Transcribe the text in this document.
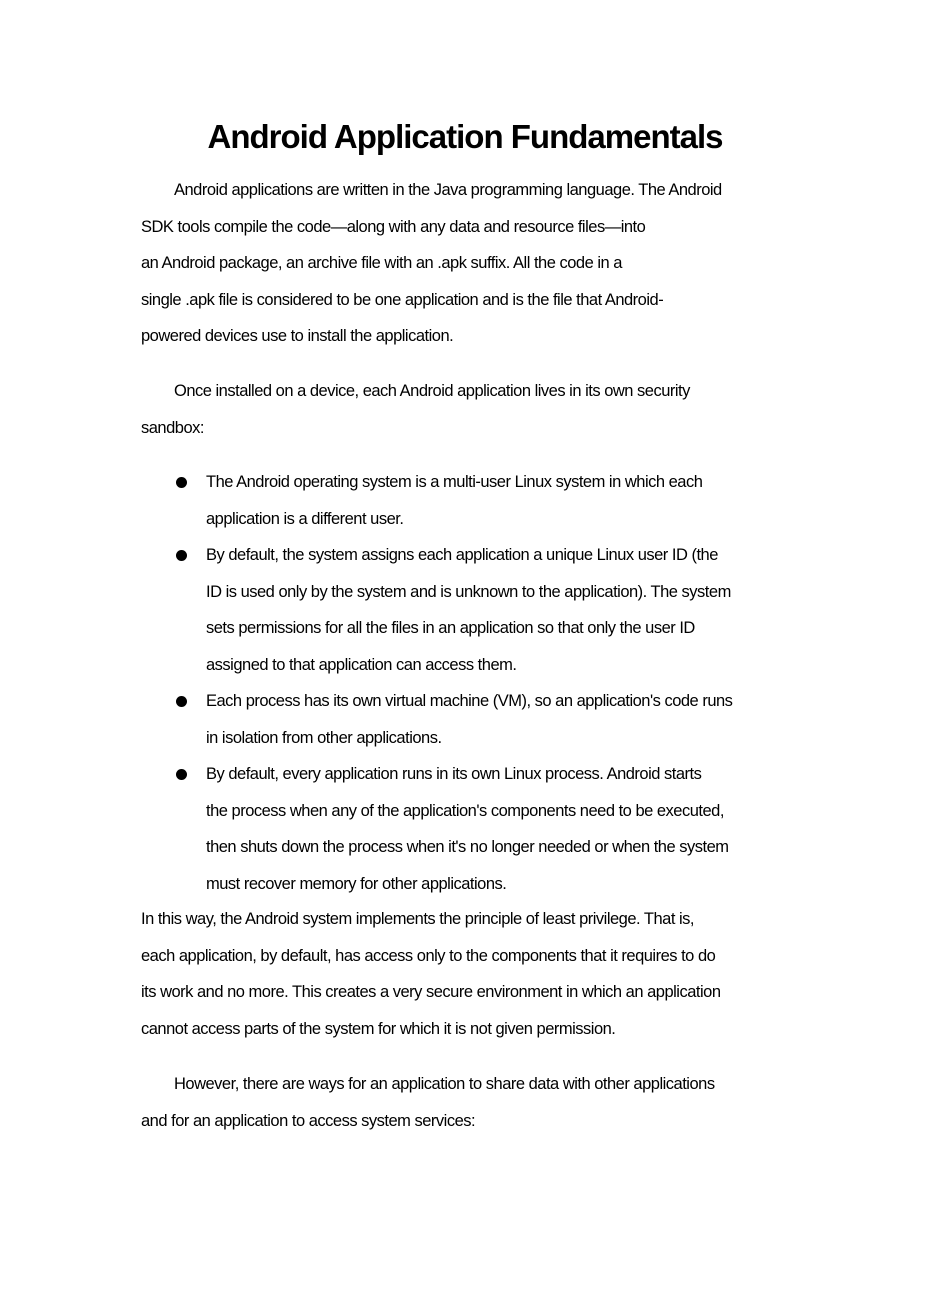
Android Application Fundamentals
Android applications are written in the Java programming language. The Android
SDK tools compile the code—along with any data and resource files—into
an Android package, an archive file with an .apk suffix. All the code in a
single .apk file is considered to be one application and is the file that Android-
powered devices use to install the application.
Once installed on a device, each Android application lives in its own security
sandbox:
The Android operating system is a multi-user Linux system in which each
application is a different user.
By default, the system assigns each application a unique Linux user ID (the
ID is used only by the system and is unknown to the application). The system
sets permissions for all the files in an application so that only the user ID
assigned to that application can access them.
Each process has its own virtual machine (VM), so an application's code runs
in isolation from other applications.
By default, every application runs in its own Linux process. Android starts
the process when any of the application's components need to be executed,
then shuts down the process when it's no longer needed or when the system
must recover memory for other applications.
In this way, the Android system implements the principle of least privilege. That is,
each application, by default, has access only to the components that it requires to do
its work and no more. This creates a very secure environment in which an application
cannot access parts of the system for which it is not given permission.
However, there are ways for an application to share data with other applications
and for an application to access system services:
